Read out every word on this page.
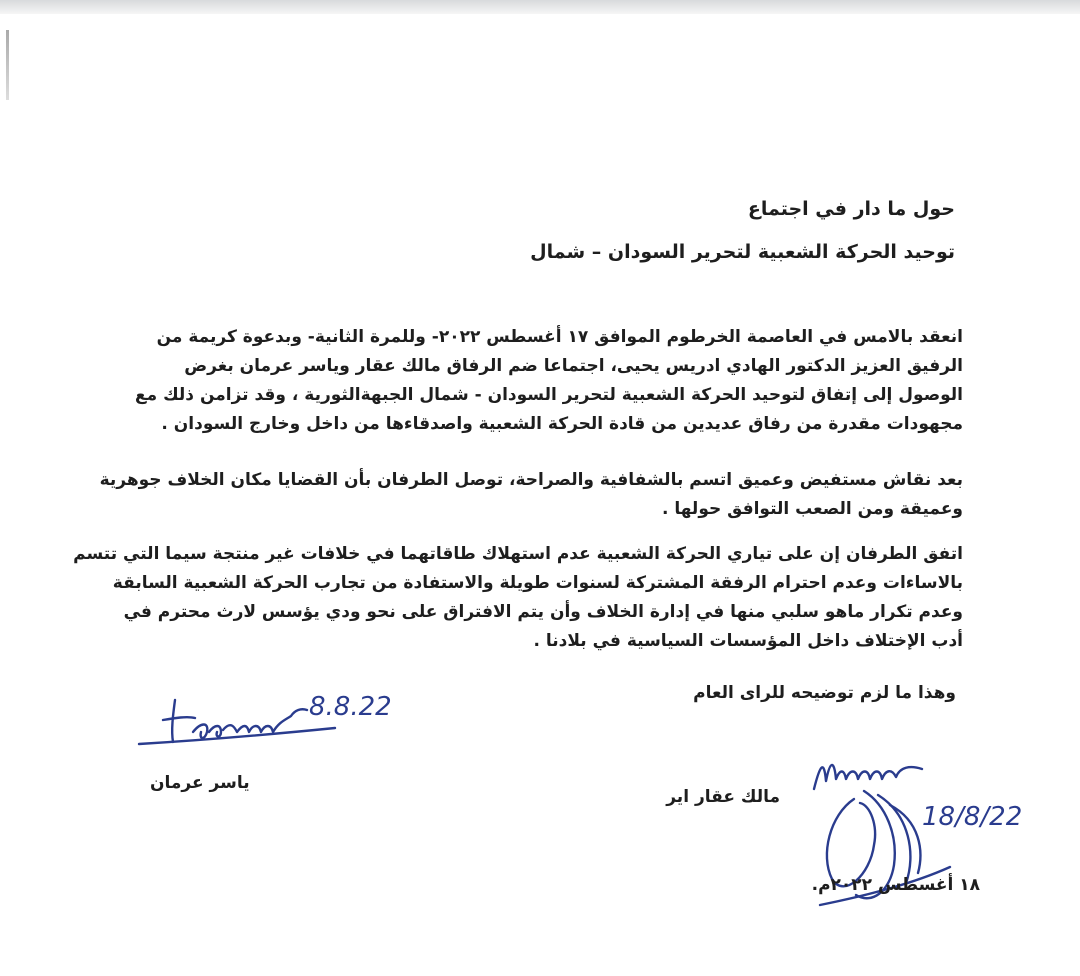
حول ما دار في اجتماع

توحيد الحركة الشعبية لتحرير السودان – شمال

انعقد بالامس في العاصمة الخرطوم الموافق ١٧ أغسطس ٢٠٢٢- وللمرة الثانية- وبدعوة كريمة من
الرفيق العزيز الدكتور الهادي ادريس يحيى، اجتماعا ضم الرفاق مالك عقار وياسر عرمان بغرض
الوصول إلى إتفاق لتوحيد الحركة الشعبية لتحرير السودان - شمال الجبهةالثورية ، وقد تزامن ذلك مع
مجهودات مقدرة من رفاق عديدين من قادة الحركة الشعبية واصدقاءها من داخل وخارج السودان .
بعد نقاش مستفيض وعميق اتسم بالشفافية والصراحة، توصل الطرفان بأن القضايا مكان الخلاف جوهرية
وعميقة ومن الصعب التوافق حولها .
اتفق الطرفان إن على تياري الحركة الشعبية عدم استهلاك طاقاتهما في خلافات غير منتجة سيما التي تتسم
بالاساءات وعدم احترام الرفقة المشتركة لسنوات طويلة والاستفادة من تجارب الحركة الشعبية السابقة
وعدم تكرار ماهو سلبي منها في إدارة الخلاف وأن يتم الافتراق على نحو ودي يؤسس لارث محترم في
أدب الإختلاف داخل المؤسسات السياسية في بلادنا .

وهذا ما لزم توضيحه للراى العام

8.8.22

ياسر عرمان

18/8/22

مالك عقار اير

١٨ أغسطس ٢٠٢٢م.
